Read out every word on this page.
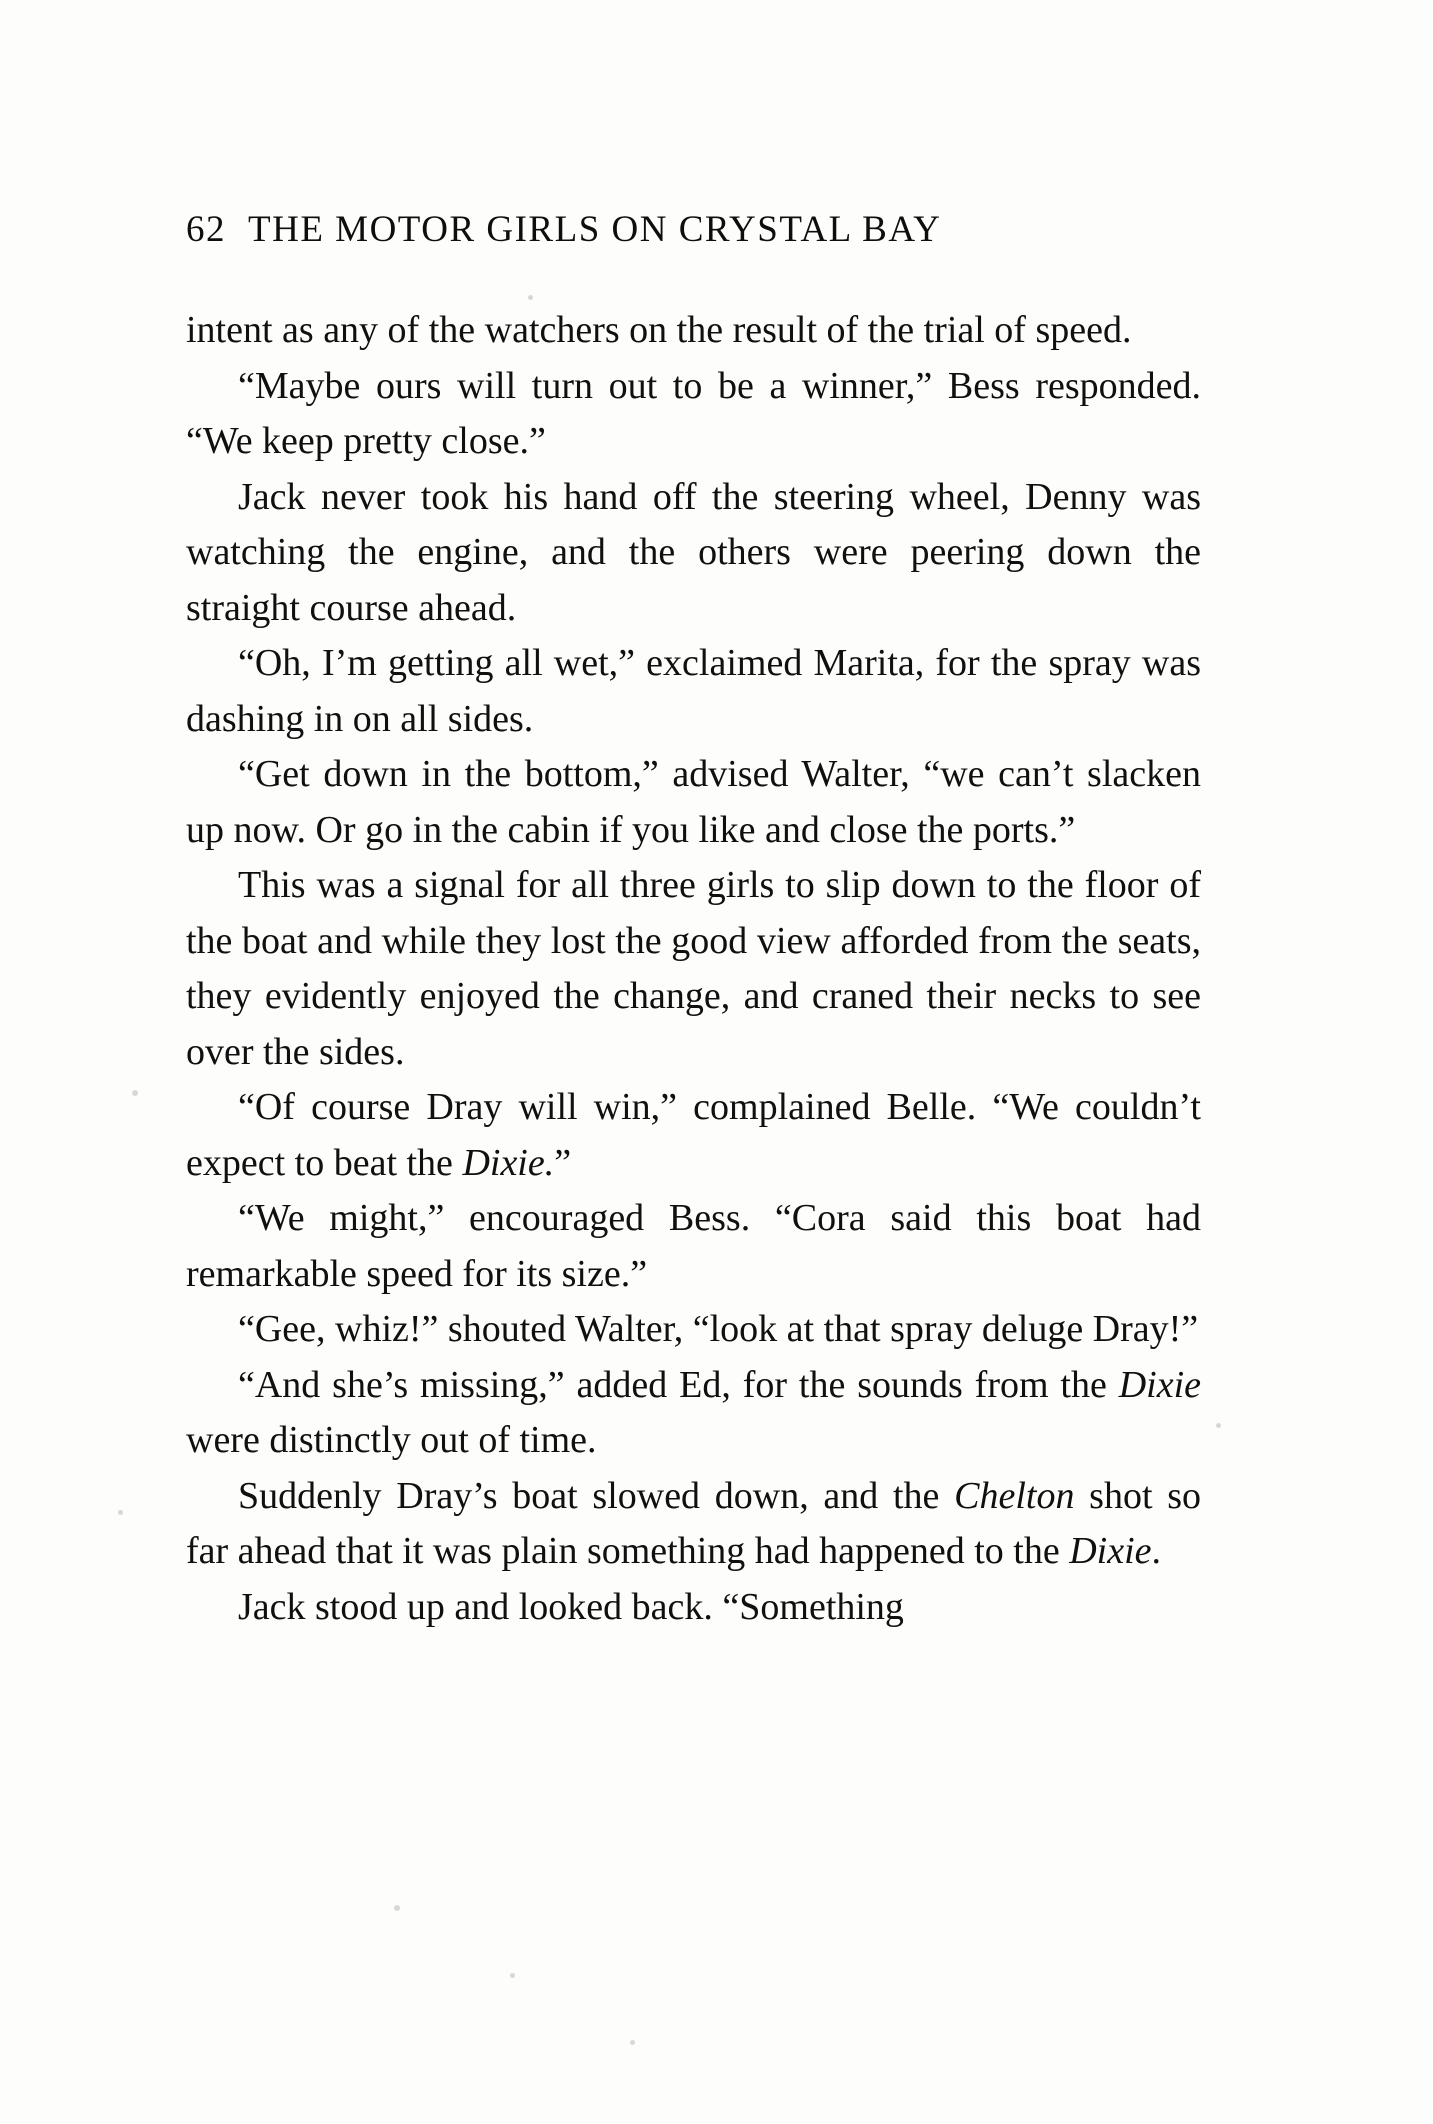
62 THE MOTOR GIRLS ON CRYSTAL BAY

intent as any of the watchers on the result of the trial of speed.

“Maybe ours will turn out to be a winner,” Bess responded. “We keep pretty close.”

Jack never took his hand off the steering wheel, Denny was watching the engine, and the others were peering down the straight course ahead.

“Oh, I’m getting all wet,” exclaimed Marita, for the spray was dashing in on all sides.

“Get down in the bottom,” advised Walter, “we can’t slacken up now. Or go in the cabin if you like and close the ports.”

This was a signal for all three girls to slip down to the floor of the boat and while they lost the good view afforded from the seats, they evidently enjoyed the change, and craned their necks to see over the sides.

“Of course Dray will win,” complained Belle. “We couldn’t expect to beat the Dixie.”

“We might,” encouraged Bess. “Cora said this boat had remarkable speed for its size.”

“Gee, whiz!” shouted Walter, “look at that spray deluge Dray!”

“And she’s missing,” added Ed, for the sounds from the Dixie were distinctly out of time.

Suddenly Dray’s boat slowed down, and the Chelton shot so far ahead that it was plain something had happened to the Dixie.

Jack stood up and looked back. “Something
